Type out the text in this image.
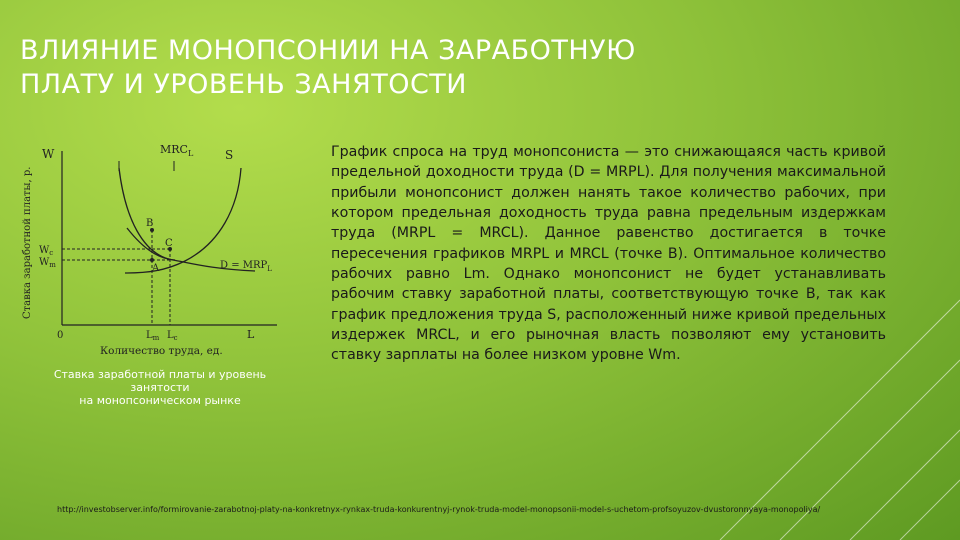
ВЛИЯНИЕ МОНОПСОНИИ НА ЗАРАБОТНУЮ
ПЛАТУ И УРОВЕНЬ ЗАНЯТОСТИ
W
Ставка заработной платы, р.
$MRC_L$	S
B
C
A	$D = MRP_L$
$W_c$
$W_m$
0	$L_m$ $L_c$	L
Количество труда, ед.
Ставка заработной платы и уровень
занятости
на монопсоническом рынке

График спроса на труд монопсониста — это снижающаяся часть кривой предельной доходности труда (D = MRPL). Для получения максимальной прибыли монопсонист должен нанять такое количество рабочих, при котором предельная доходность труда равна предельным издержкам труда (MRPL = MRCL). Данное равенство достигается в точке пересечения графиков MRPL и MRCL (точке B). Оптимальное количество рабочих равно Lm. Однако монопсонист не будет устанавливать рабочим ставку заработной платы, соответствующую точке B, так как график предложения труда S, расположенный ниже кривой предельных издержек MRCL, и его рыночная власть позволяют ему установить ставку зарплаты на более низком уровне Wm.

http://investobserver.info/formirovanie-zarabotnoj-platy-na-konkretnyx-rynkax-truda-konkurentnyj-rynok-truda-model-monopsonii-model-s-uchetom-profsoyuzov-dvustoronnyaya-monopoliya/
